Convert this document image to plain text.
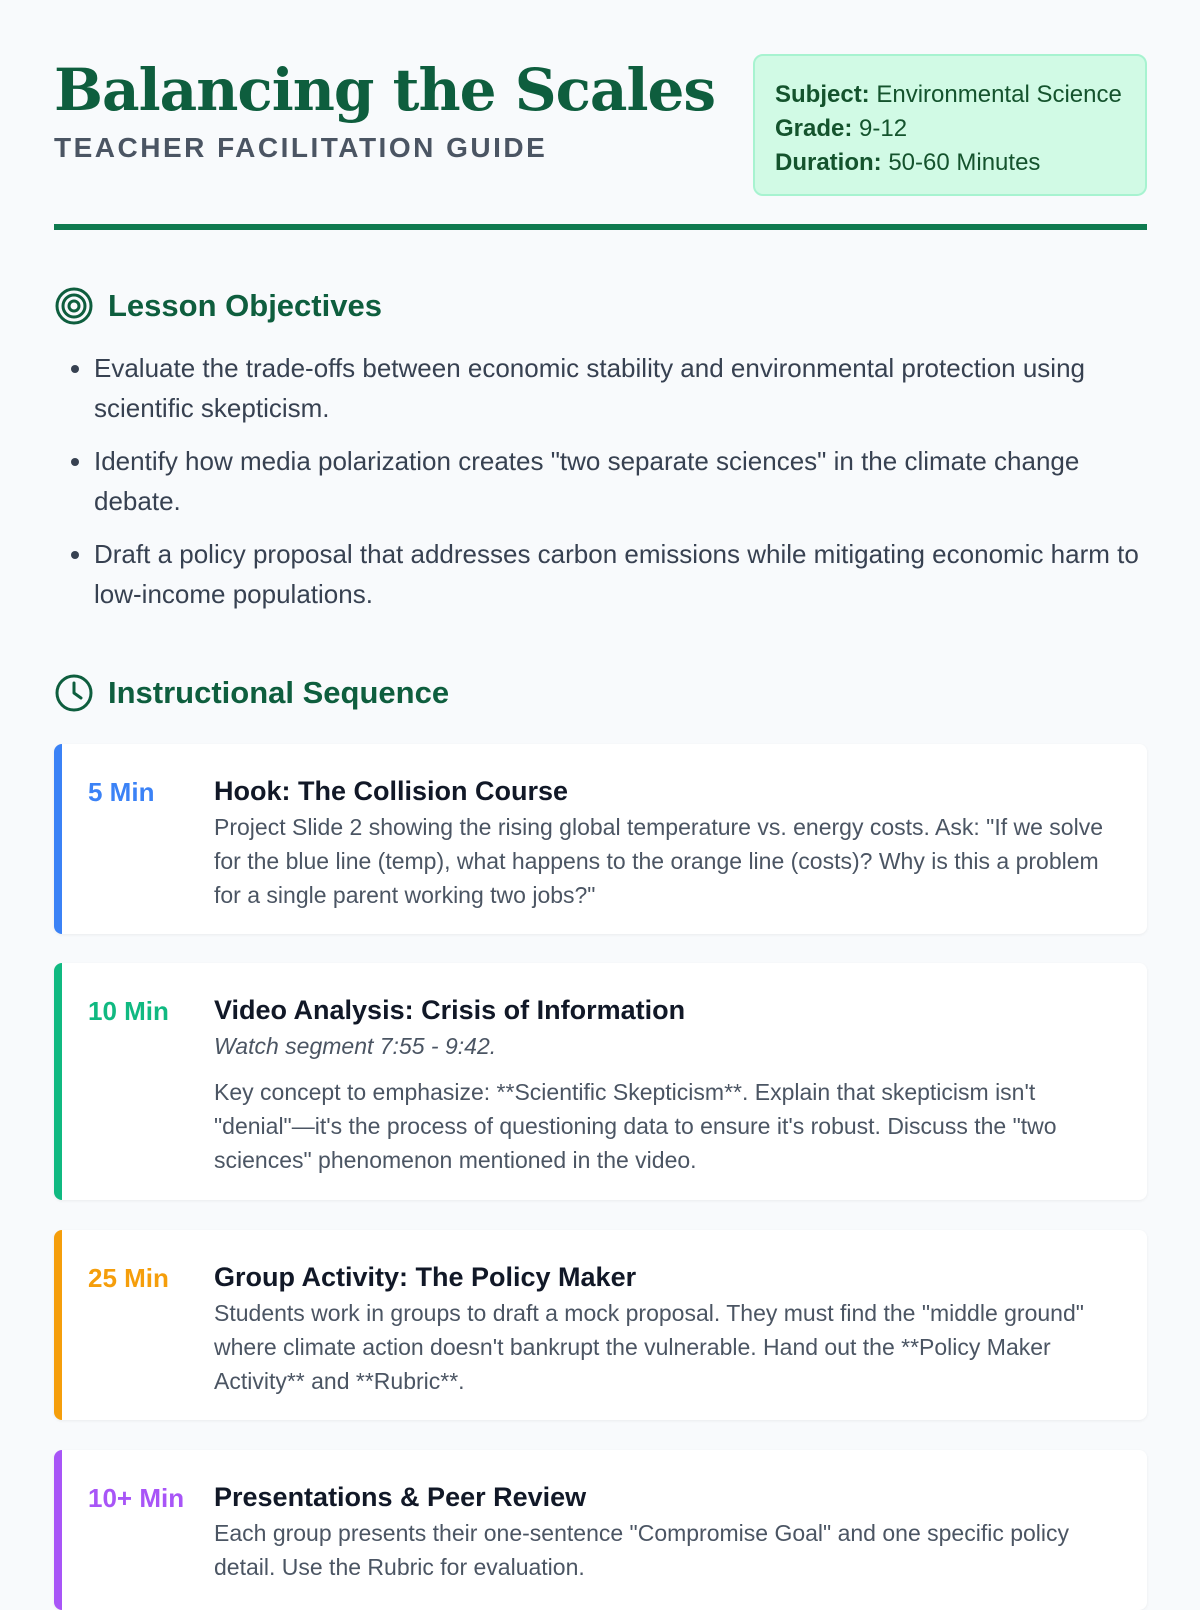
Balancing the Scales

TEACHER FACILITATION GUIDE

Subject: Environmental Science
Grade: 9-12
Duration: 50-60 Minutes
Lesson Objectives
• Evaluate the trade-offs between economic stability and environmental protection using scientific skepticism.
• Identify how media polarization creates "two separate sciences" in the climate change debate.
• Draft a policy proposal that addresses carbon emissions while mitigating economic harm to low-income populations.
Instructional Sequence
5 Min	Hook: The Collision Course

Project Slide 2 showing the rising global temperature vs. energy costs. Ask: "If we solve for the blue line (temp), what happens to the orange line (costs)? Why is this a problem for a single parent working two jobs?"

10 Min	Video Analysis: Crisis of Information

Watch segment 7:55 - 9:42.

Key concept to emphasize: **Scientific Skepticism**. Explain that skepticism isn't "denial"—it's the process of questioning data to ensure it's robust. Discuss the "two sciences" phenomenon mentioned in the video.

25 Min	Group Activity: The Policy Maker

Students work in groups to draft a mock proposal. They must find the "middle ground" where climate action doesn't bankrupt the vulnerable. Hand out the **Policy Maker Activity** and **Rubric**.

10+ Min Presentations & Peer Review

Each group presents their one-sentence "Compromise Goal" and one specific policy detail. Use the Rubric for evaluation.
